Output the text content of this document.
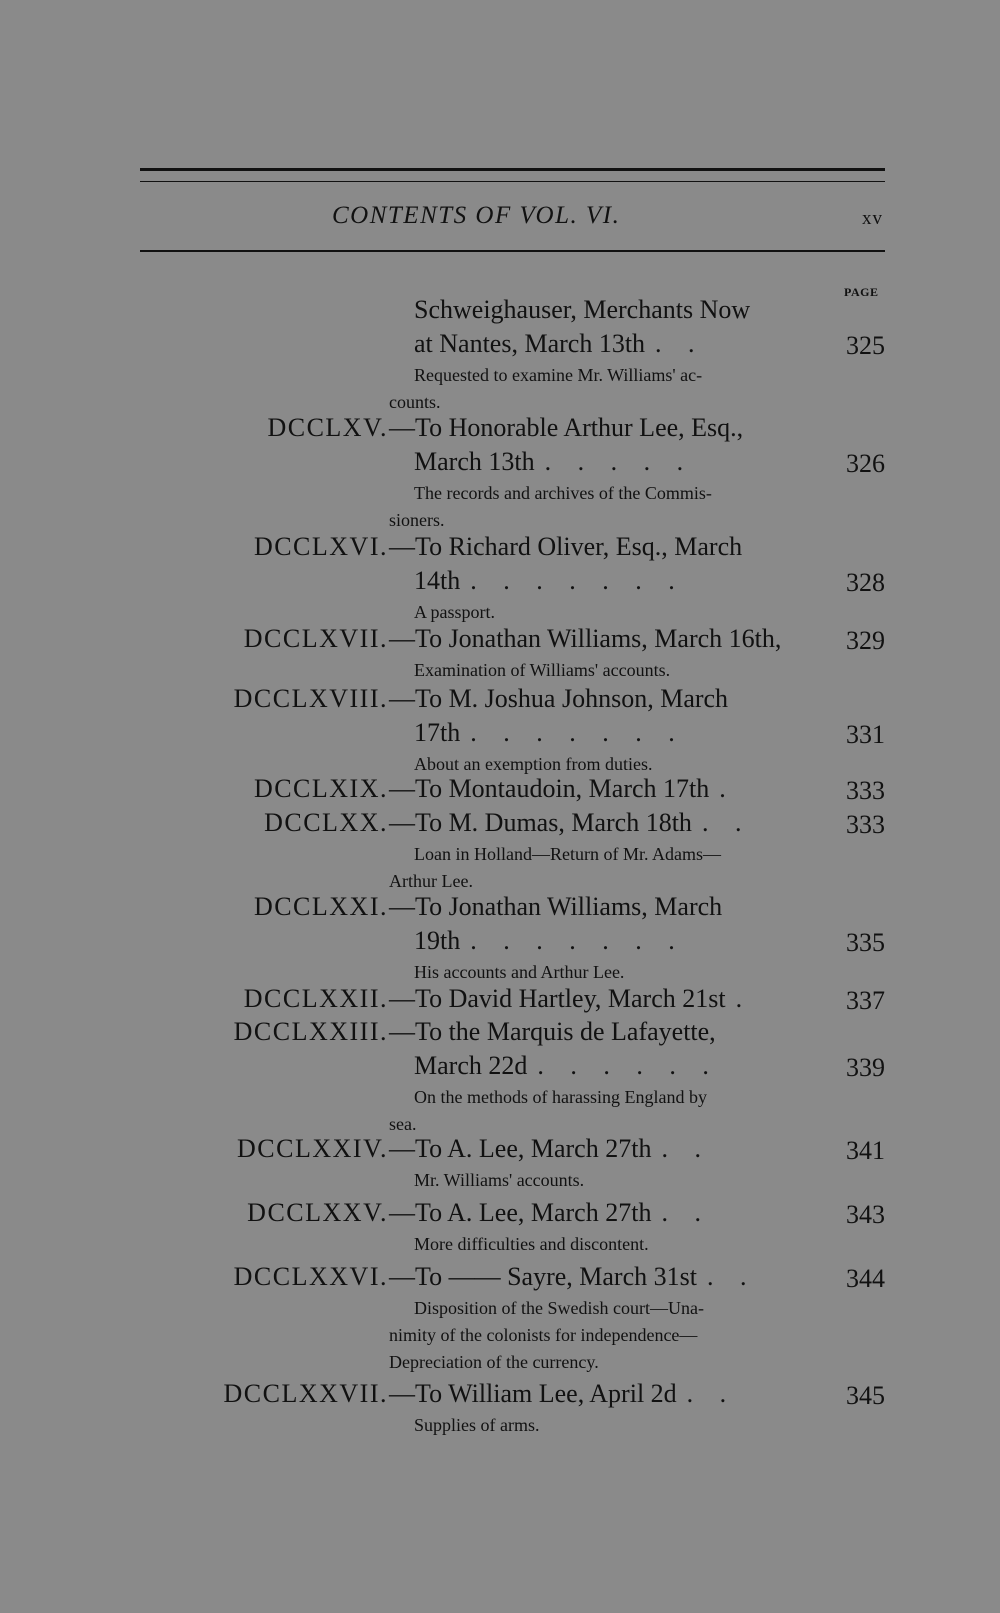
CONTENTS OF VOL. VI.	xv
PAGE
Schweighauser, Merchants Now
at Nantes, March 13th . .	325
Requested to examine Mr. Williams' ac-
counts.
DCCLXV. —To Honorable Arthur Lee, Esq.,
March 13th . . . . .	326
The records and archives of the Commis-
sioners.
DCCLXVI. —To Richard Oliver, Esq., March
14th . . . . . . .	328
A passport.
DCCLXVII. —To Jonathan Williams, March 16th,	329
Examination of Williams' accounts.
DCCLXVIII. —To M. Joshua Johnson, March
17th . . . . . . .	331
About an exemption from duties.
DCCLXIX. —To Montaudoin, March 17th .	333
DCCLXX. —To M. Dumas, March 18th . .	333
Loan in Holland—Return of Mr. Adams—
Arthur Lee.
DCCLXXI. —To Jonathan Williams, March
19th . . . . . . .	335
His accounts and Arthur Lee.
DCCLXXII. —To David Hartley, March 21st .	337
DCCLXXIII. —To the Marquis de Lafayette,
March 22d . . . . . .	339
On the methods of harassing England by
sea.
DCCLXXIV. —To A. Lee, March 27th . .	341
Mr. Williams' accounts.
DCCLXXV. —To A. Lee, March 27th . .	343
More difficulties and discontent.
DCCLXXVI. —To —— Sayre, March 31st . .	344
Disposition of the Swedish court—Una-
nimity of the colonists for independence—
Depreciation of the currency.
DCCLXXVII. —To William Lee, April 2d . .	345
Supplies of arms.
